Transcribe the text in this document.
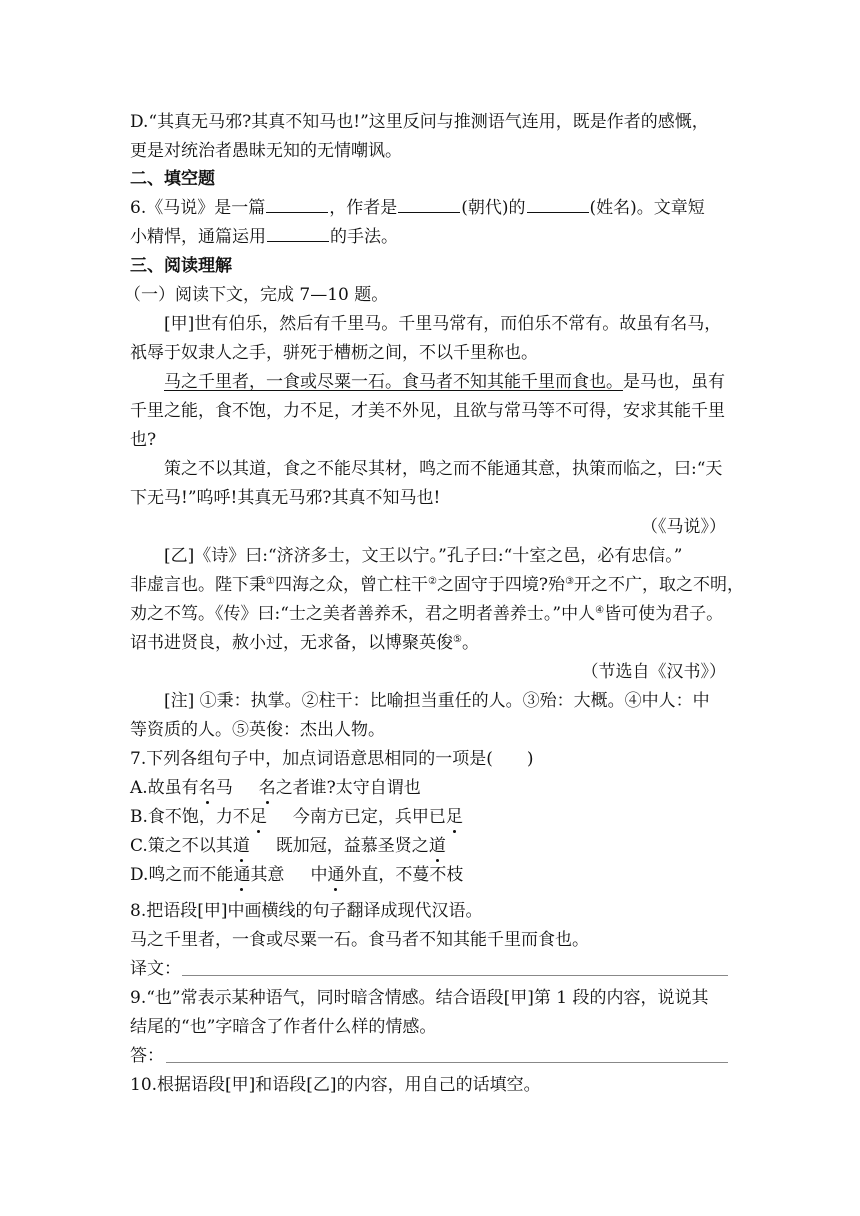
D.“其真无马邪?其真不知马也!”这里反问与推测语气连用，既是作者的感慨，
更是对统治者愚昧无知的无情嘲讽。
二、填空题
6.《马说》是一篇	，作者是	(朝代)的	(姓名)。文章短
小精悍，通篇运用	的手法。
三、阅读理解
（一）阅读下文，完成 7—10 题。
[甲]世有伯乐，然后有千里马。千里马常有，而伯乐不常有。故虽有名马，
祇辱于奴隶人之手，骈死于槽枥之间，不以千里称也。
马之千里者，一食或尽粟一石。食马者不知其能千里而食也。是马也，虽有
千里之能，食不饱，力不足，才美不外见，且欲与常马等不可得，安求其能千里
也?
策之不以其道，食之不能尽其材，鸣之而不能通其意，执策而临之，曰:“天
下无马!”呜呼!其真无马邪?其真不知马也!
（《马说》）
[乙]《诗》曰:“济济多士，文王以宁。”孔子曰:“十室之邑，必有忠信。”
非虚言也。陛下秉①四海之众，曾亡柱干②之固守于四境?殆③开之不广，取之不明，
劝之不笃。《传》曰:“士之美者善养禾，君之明者善养士。”中人④皆可使为君子。
诏书进贤良，赦小过，无求备，以博聚英俊⑤。
（节选自《汉书》）
[注] ①秉：执掌。②柱干：比喻担当重任的人。③殆：大概。④中人：中
等资质的人。⑤英俊：杰出人物。
7.下列各组句子中，加点词语意思相同的一项是(　　)
A.故虽有名马 名之者谁?太守自谓也
B.食不饱，力不足 今南方已定，兵甲已足
C.策之不以其道 既加冠，益慕圣贤之道
D.鸣之而不能通其意 中通外直，不蔓不枝
8.把语段[甲]中画横线的句子翻译成现代汉语。
马之千里者，一食或尽粟一石。食马者不知其能千里而食也。
译文：
9.“也”常表示某种语气，同时暗含情感。结合语段[甲]第 1 段的内容，说说其
结尾的“也”字暗含了作者什么样的情感。
答：
10.根据语段[甲]和语段[乙]的内容，用自己的话填空。
